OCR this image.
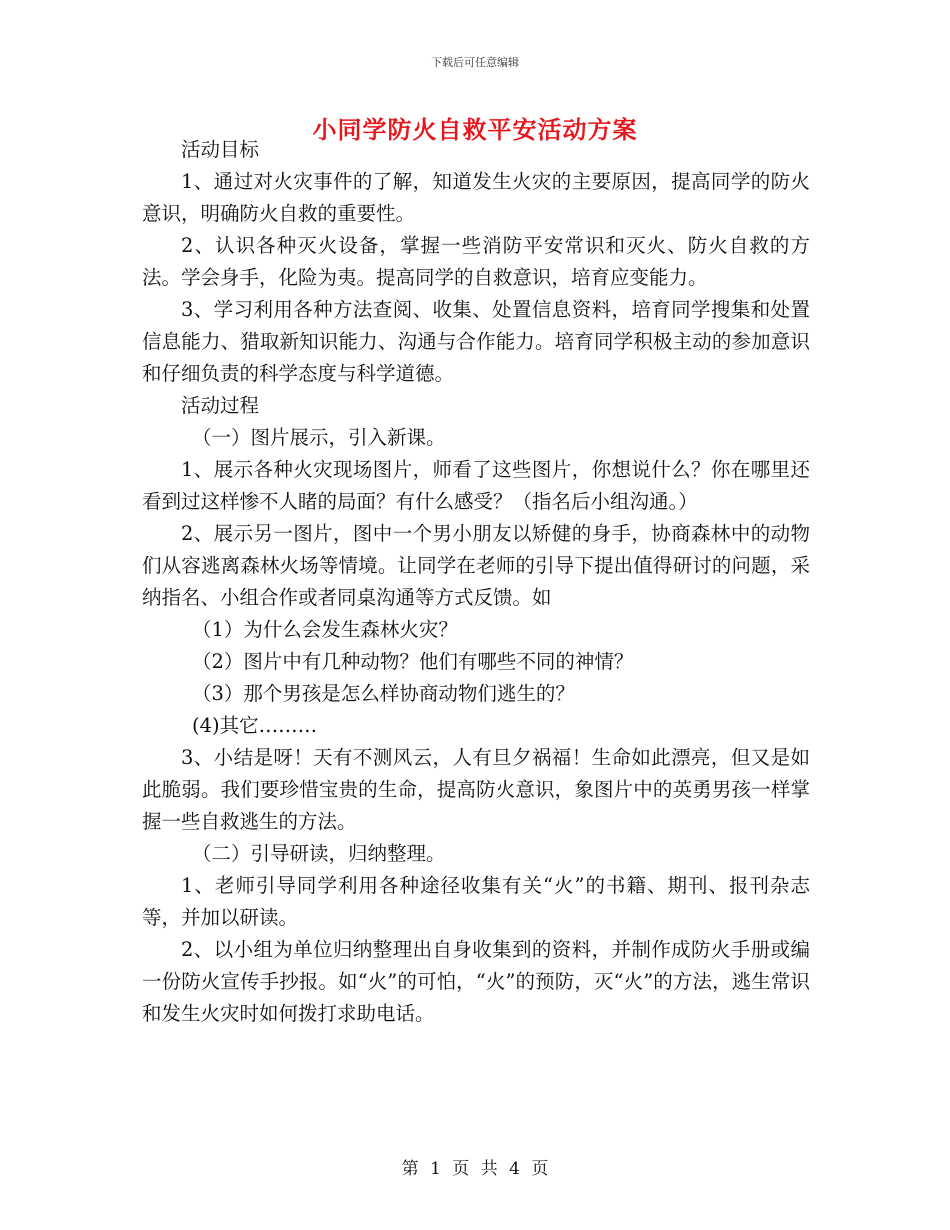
下载后可任意编辑
小同学防火自救平安活动方案

活动目标

1、通过对火灾事件的了解，知道发生火灾的主要原因，提高同学的防火意识，明确防火自救的重要性。

2、认识各种灭火设备，掌握一些消防平安常识和灭火、防火自救的方法。学会身手，化险为夷。提高同学的自救意识，培育应变能力。

3、学习利用各种方法查阅、收集、处置信息资料，培育同学搜集和处置信息能力、猎取新知识能力、沟通与合作能力。培育同学积极主动的参加意识和仔细负责的科学态度与科学道德。

活动过程

（一）图片展示，引入新课。

1、展示各种火灾现场图片，师看了这些图片，你想说什么？你在哪里还看到过这样惨不人睹的局面？有什么感受？（指名后小组沟通。）

2、展示另一图片，图中一个男小朋友以矫健的身手，协商森林中的动物们从容逃离森林火场等情境。让同学在老师的引导下提出值得研讨的问题，采纳指名、小组合作或者同桌沟通等方式反馈。如

（1）为什么会发生森林火灾？

（2）图片中有几种动物？他们有哪些不同的神情？

（3）那个男孩是怎么样协商动物们逃生的？

(4)其它………

3、小结是呀！天有不测风云，人有旦夕祸福！生命如此漂亮，但又是如此脆弱。我们要珍惜宝贵的生命，提高防火意识，象图片中的英勇男孩一样掌握一些自救逃生的方法。

（二）引导研读，归纳整理。

1、老师引导同学利用各种途径收集有关“火”的书籍、期刊、报刊杂志等，并加以研读。

2、以小组为单位归纳整理出自身收集到的资料，并制作成防火手册或编一份防火宣传手抄报。如“火”的可怕，“火”的预防，灭“火”的方法，逃生常识和发生火灾时如何拨打求助电话。

第 1 页 共 4 页
